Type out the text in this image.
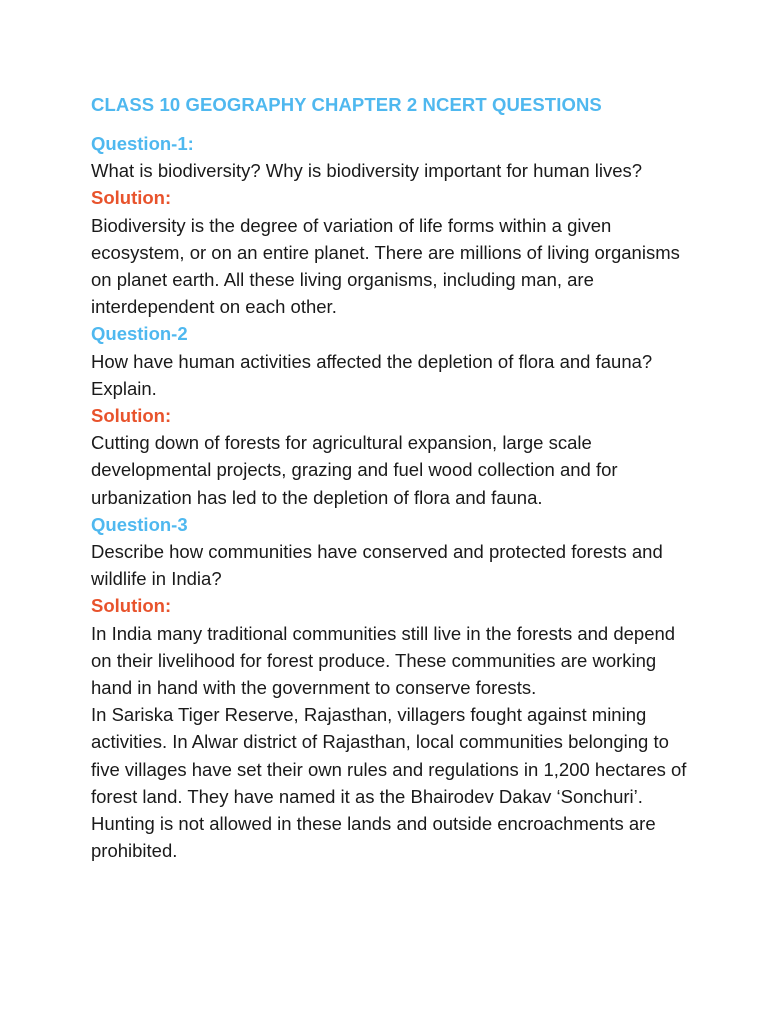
CLASS 10 GEOGRAPHY CHAPTER 2 NCERT QUESTIONS
Question-1:

What is biodiversity? Why is biodiversity important for human lives?

Solution:

Biodiversity is the degree of variation of life forms within a given ecosystem, or on an entire planet. There are millions of living organisms on planet earth. All these living organisms, including man, are interdependent on each other.

Question-2

How have human activities affected the depletion of flora and fauna? Explain.

Solution:

Cutting down of forests for agricultural expansion, large scale developmental projects, grazing and fuel wood collection and for urbanization has led to the depletion of flora and fauna.

Question-3

Describe how communities have conserved and protected forests and wildlife in India?

Solution:

In India many traditional communities still live in the forests and depend on their livelihood for forest produce. These communities are working hand in hand with the government to conserve forests.

In Sariska Tiger Reserve, Rajasthan, villagers fought against mining activities. In Alwar district of Rajasthan, local communities belonging to five villages have set their own rules and regulations in 1,200 hectares of forest land. They have named it as the Bhairodev Dakav ‘Sonchuri’. Hunting is not allowed in these lands and outside encroachments are prohibited.
